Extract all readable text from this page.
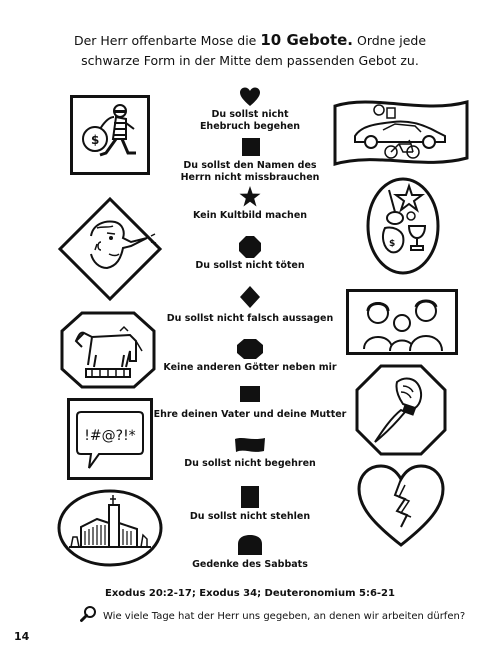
Der Herr offenbarte Mose die 10 Gebote. Ordne jede
schwarze Form in der Mitte dem passenden Gebot zu.
Du sollst nicht
Ehebruch begehen
Du sollst den Namen des
Herrn nicht missbrauchen
Kein Kultbild machen
Du sollst nicht töten
Du sollst nicht falsch aussagen
Keine anderen Götter neben mir
Ehre deinen Vater und deine Mutter
Du sollst nicht begehren
Du sollst nicht stehlen
Gedenke des Sabbats
$
!#@?!*
$
Exodus 20:2-17; Exodus 34; Deuteronomium 5:6-21
Wie viele Tage hat der Herr uns gegeben, an denen wir arbeiten dürfen?
14
